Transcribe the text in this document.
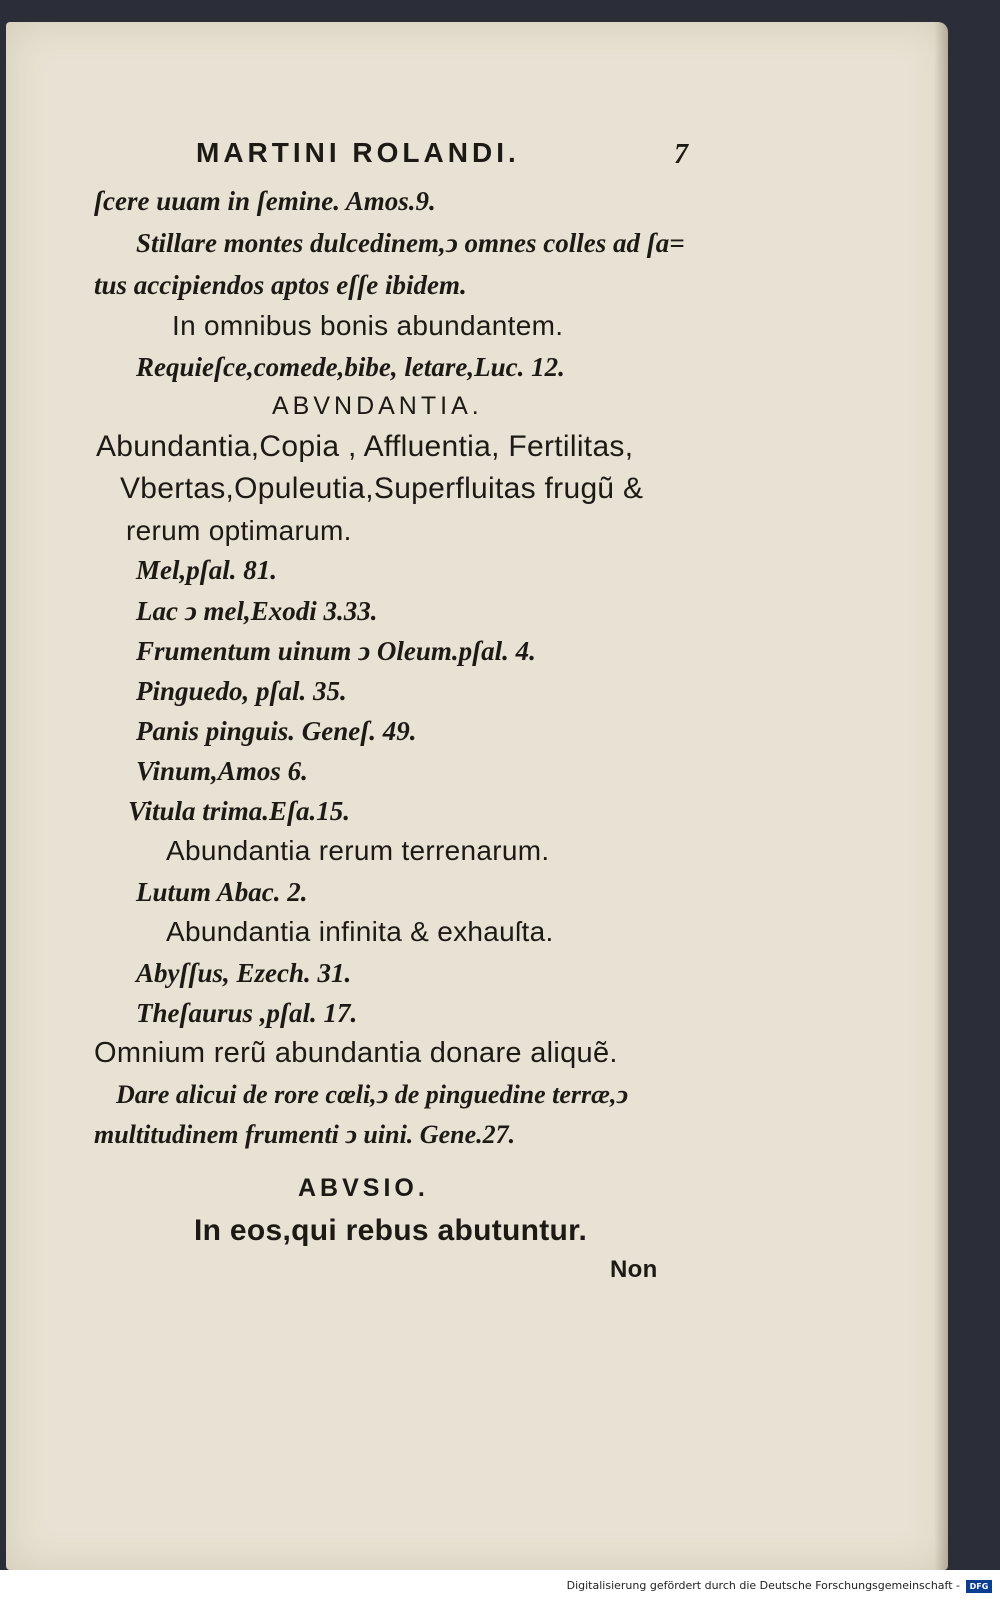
MARTINI ROLANDI.	7
ſcere uuam in ſemine. Amos.9.
Stillare montes dulcedinem,ↄ omnes colles ad ſa=
tus accipiendos aptos eſſe ibidem.
In omnibus bonis abundantem.
Requieſce,comede,bibe, letare,Luc. 12.
ABVNDANTIA.
Abundantia,Copia , Affluentia, Fertilitas,
Vbertas,Opuleutia,Superfluitas frugũ &
rerum optimarum.
Mel,pſal. 81.
Lac ↄ mel,Exodi 3.33.
Frumentum uinum ↄ Oleum.pſal. 4.
Pinguedo, pſal. 35.
Panis pinguis. Geneſ. 49.
Vinum,Amos 6.
Vitula trima.Eſa.15.
Abundantia rerum terrenarum.
Lutum Abac. 2.
Abundantia infinita & exhauſta.
Abyſſus, Ezech. 31.
Theſaurus ,pſal. 17.
Omnium rerũ abundantia donare aliquẽ.
Dare alicui de rore cœli,ↄ de pinguedine terræ,ↄ
multitudinem frumenti ↄ uini. Gene.27.
ABVSIO.
In eos,qui rebus abutuntur.
Non
Digitalisierung gefördert durch die Deutsche Forschungsgemeinschaft -	DFG
